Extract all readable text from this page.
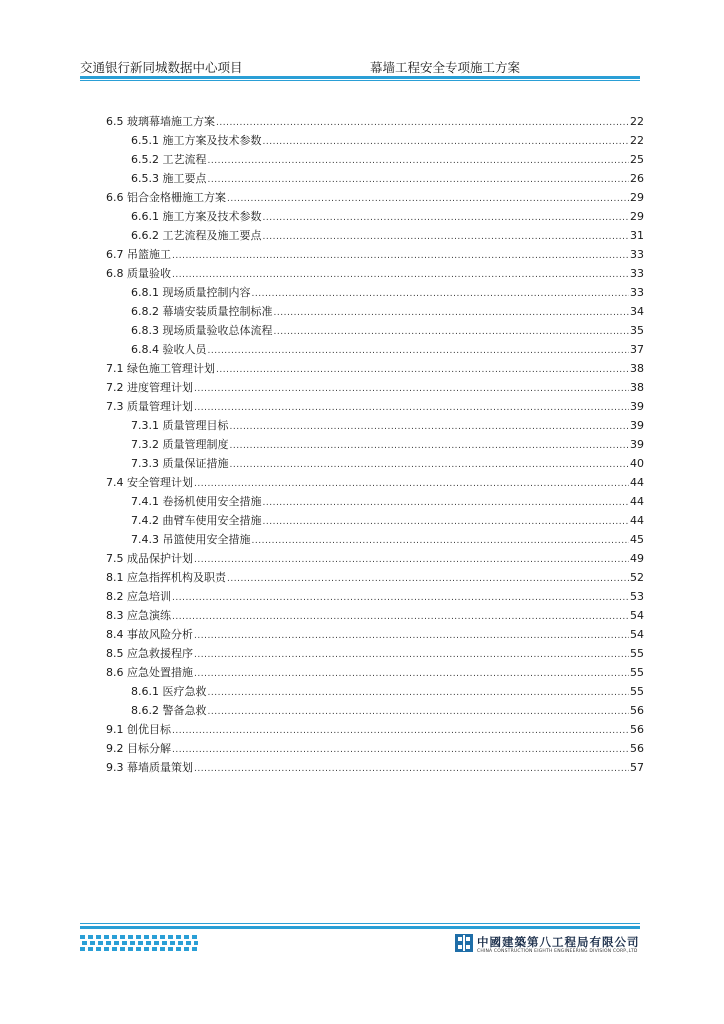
交通银行新同城数据中心项目	幕墙工程安全专项施工方案
6.5 玻璃幕墙施工方案 .....	22
6.5.1 施工方案及技术参数 .....	22
6.5.2 工艺流程 .....	25
6.5.3 施工要点 .....	26
6.6 铝合金格栅施工方案 .....	29
6.6.1 施工方案及技术参数 .....	29
6.6.2 工艺流程及施工要点 .....	31
6.7 吊篮施工 .....	33
6.8 质量验收 .....	33
6.8.1 现场质量控制内容 .....	33
6.8.2 幕墙安装质量控制标准 .....	34
6.8.3 现场质量验收总体流程 .....	35
6.8.4 验收人员 .....	37
7.1 绿色施工管理计划 .....	38
7.2 进度管理计划 .....	38
7.3 质量管理计划 .....	39
7.3.1 质量管理目标 .....	39
7.3.2 质量管理制度 .....	39
7.3.3 质量保证措施 .....	40
7.4 安全管理计划 .....	44
7.4.1 卷扬机使用安全措施 .....	44
7.4.2 曲臂车使用安全措施 .....	44
7.4.3 吊篮使用安全措施 .....	45
7.5 成品保护计划 .....	49
8.1 应急指挥机构及职责 .....	52
8.2 应急培训 .....	53
8.3 应急演练 .....	54
8.4 事故风险分析 .....	54
8.5 应急救援程序 .....	55
8.6 应急处置措施 .....	55
8.6.1 医疗急救 .....	55
8.6.2 警备急救 .....	56
9.1 创优目标 .....	56
9.2 目标分解 .....	56
9.3 幕墙质量策划 .....	57
中國建築第八工程局有限公司
CHINA CONSTRUCTION EIGHTH ENGINEERING DIVISION CORP.,LTD
